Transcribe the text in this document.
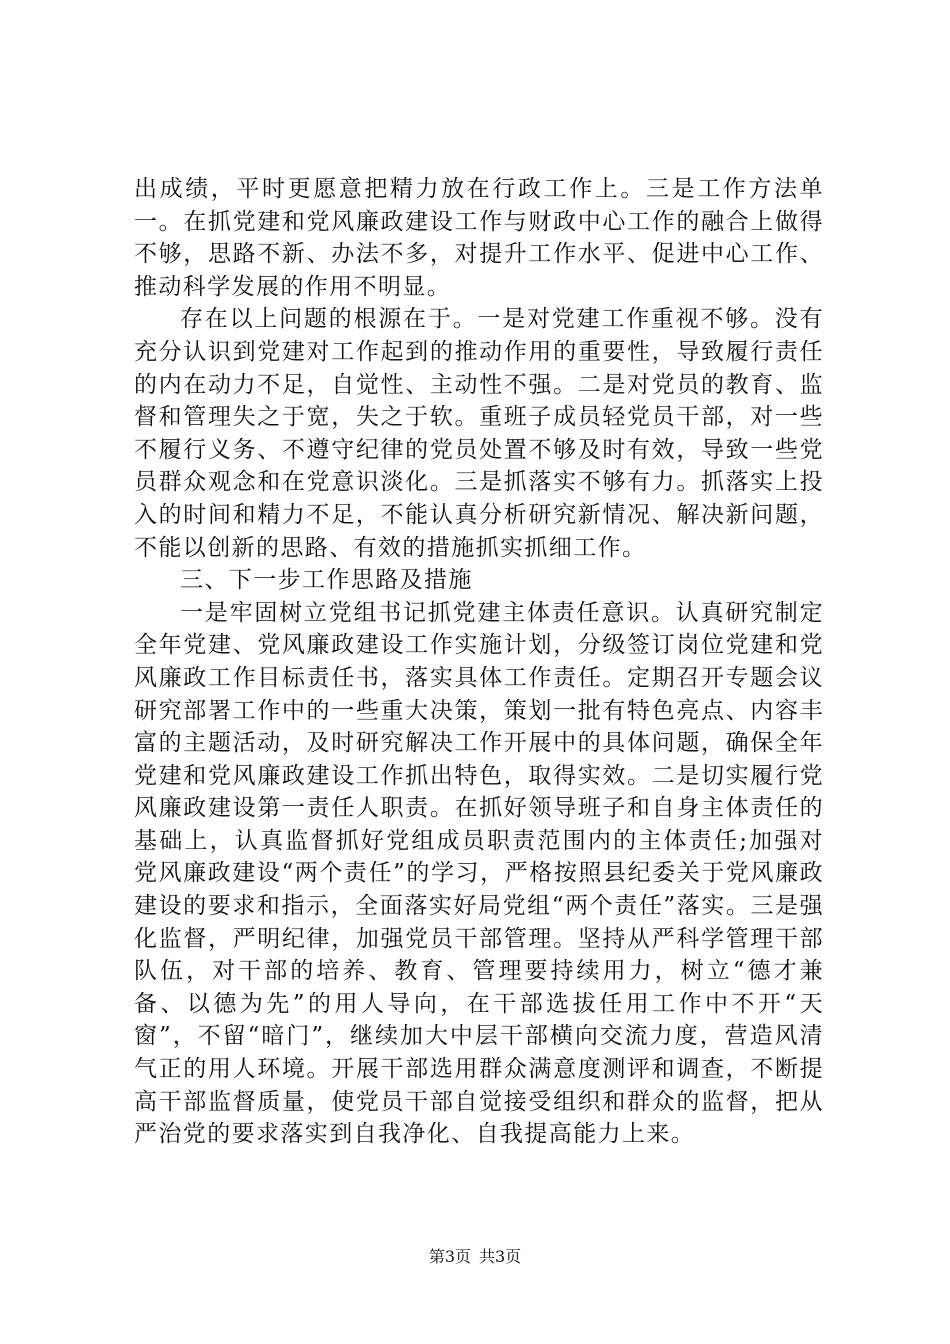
出成绩，平时更愿意把精力放在行政工作上。三是工作方法单一。在抓党建和党风廉政建设工作与财政中心工作的融合上做得不够，思路不新、办法不多，对提升工作水平、促进中心工作、推动科学发展的作用不明显。

存在以上问题的根源在于。一是对党建工作重视不够。没有充分认识到党建对工作起到的推动作用的重要性，导致履行责任的内在动力不足，自觉性、主动性不强。二是对党员的教育、监督和管理失之于宽，失之于软。重班子成员轻党员干部，对一些不履行义务、不遵守纪律的党员处置不够及时有效，导致一些党员群众观念和在党意识淡化。三是抓落实不够有力。抓落实上投入的时间和精力不足，不能认真分析研究新情况、解决新问题，不能以创新的思路、有效的措施抓实抓细工作。

三、下一步工作思路及措施

一是牢固树立党组书记抓党建主体责任意识。认真研究制定全年党建、党风廉政建设工作实施计划，分级签订岗位党建和党风廉政工作目标责任书，落实具体工作责任。定期召开专题会议研究部署工作中的一些重大决策，策划一批有特色亮点、内容丰富的主题活动，及时研究解决工作开展中的具体问题，确保全年党建和党风廉政建设工作抓出特色，取得实效。二是切实履行党风廉政建设第一责任人职责。在抓好领导班子和自身主体责任的基础上，认真监督抓好党组成员职责范围内的主体责任;加强对党风廉政建设“两个责任”的学习，严格按照县纪委关于党风廉政建设的要求和指示，全面落实好局党组“两个责任”落实。三是强化监督，严明纪律，加强党员干部管理。坚持从严科学管理干部队伍，对干部的培养、教育、管理要持续用力，树立“德才兼备、以德为先”的用人导向，在干部选拔任用工作中不开“天窗”，不留“暗门”，继续加大中层干部横向交流力度，营造风清气正的用人环境。开展干部选用群众满意度测评和调查，不断提高干部监督质量，使党员干部自觉接受组织和群众的监督，把从严治党的要求落实到自我净化、自我提高能力上来。

第3页 共3页
